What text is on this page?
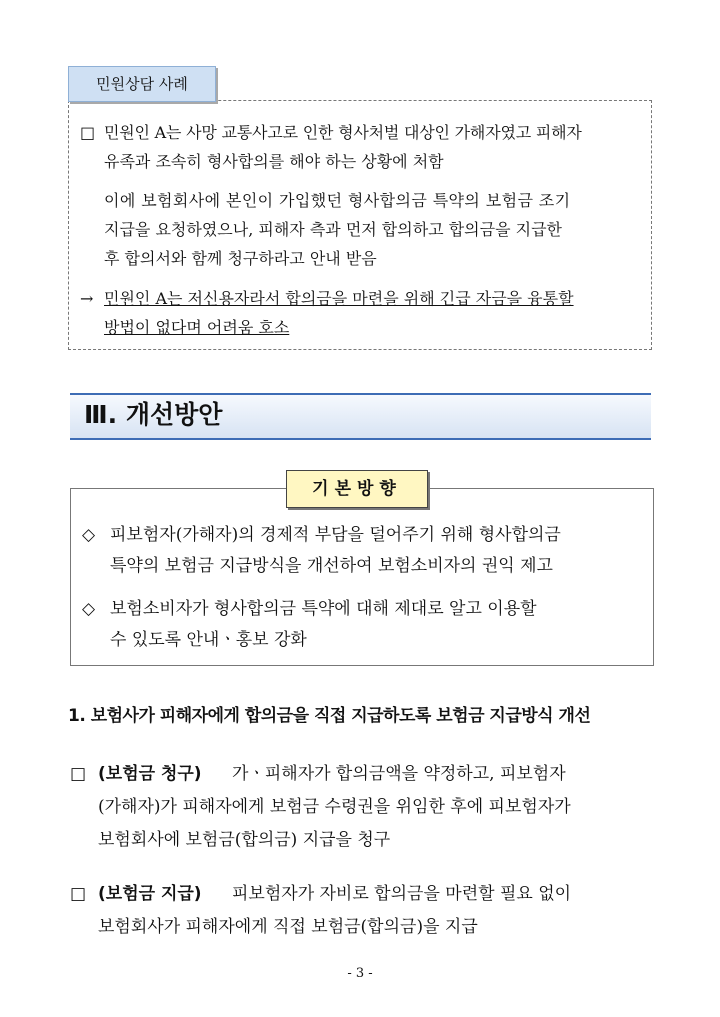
민원상담 사례
□ 민원인 A는 사망 교통사고로 인한 형사처벌 대상인 가해자였고 피해자
유족과 조속히 형사합의를 해야 하는 상황에 처함
이에 보험회사에 본인이 가입했던 형사합의금 특약의 보험금 조기
지급을 요청하였으나, 피해자 측과 먼저 합의하고 합의금을 지급한
후 합의서와 함께 청구하라고 안내 받음
→ 민원인 A는 저신용자라서 합의금을 마련을 위해 긴급 자금을 융통할
방법이 없다며 어려움 호소
Ⅲ. 개선방안
기본방향
◇ 피보험자(가해자)의 경제적 부담을 덜어주기 위해 형사합의금
특약의 보험금 지급방식을 개선하여 보험소비자의 권익 제고
◇ 보험소비자가 형사합의금 특약에 대해 제대로 알고 이용할
수 있도록 안내ㆍ홍보 강화
1. 보험사가 피해자에게 합의금을 직접 지급하도록 보험금 지급방식 개선
□ (보험금 청구) 가ㆍ피해자가 합의금액을 약정하고, 피보험자
(가해자)가 피해자에게 보험금 수령권을 위임한 후에 피보험자가
보험회사에 보험금(합의금) 지급을 청구
□ (보험금 지급) 피보험자가 자비로 합의금을 마련할 필요 없이
보험회사가 피해자에게 직접 보험금(합의금)을 지급
- 3 -
